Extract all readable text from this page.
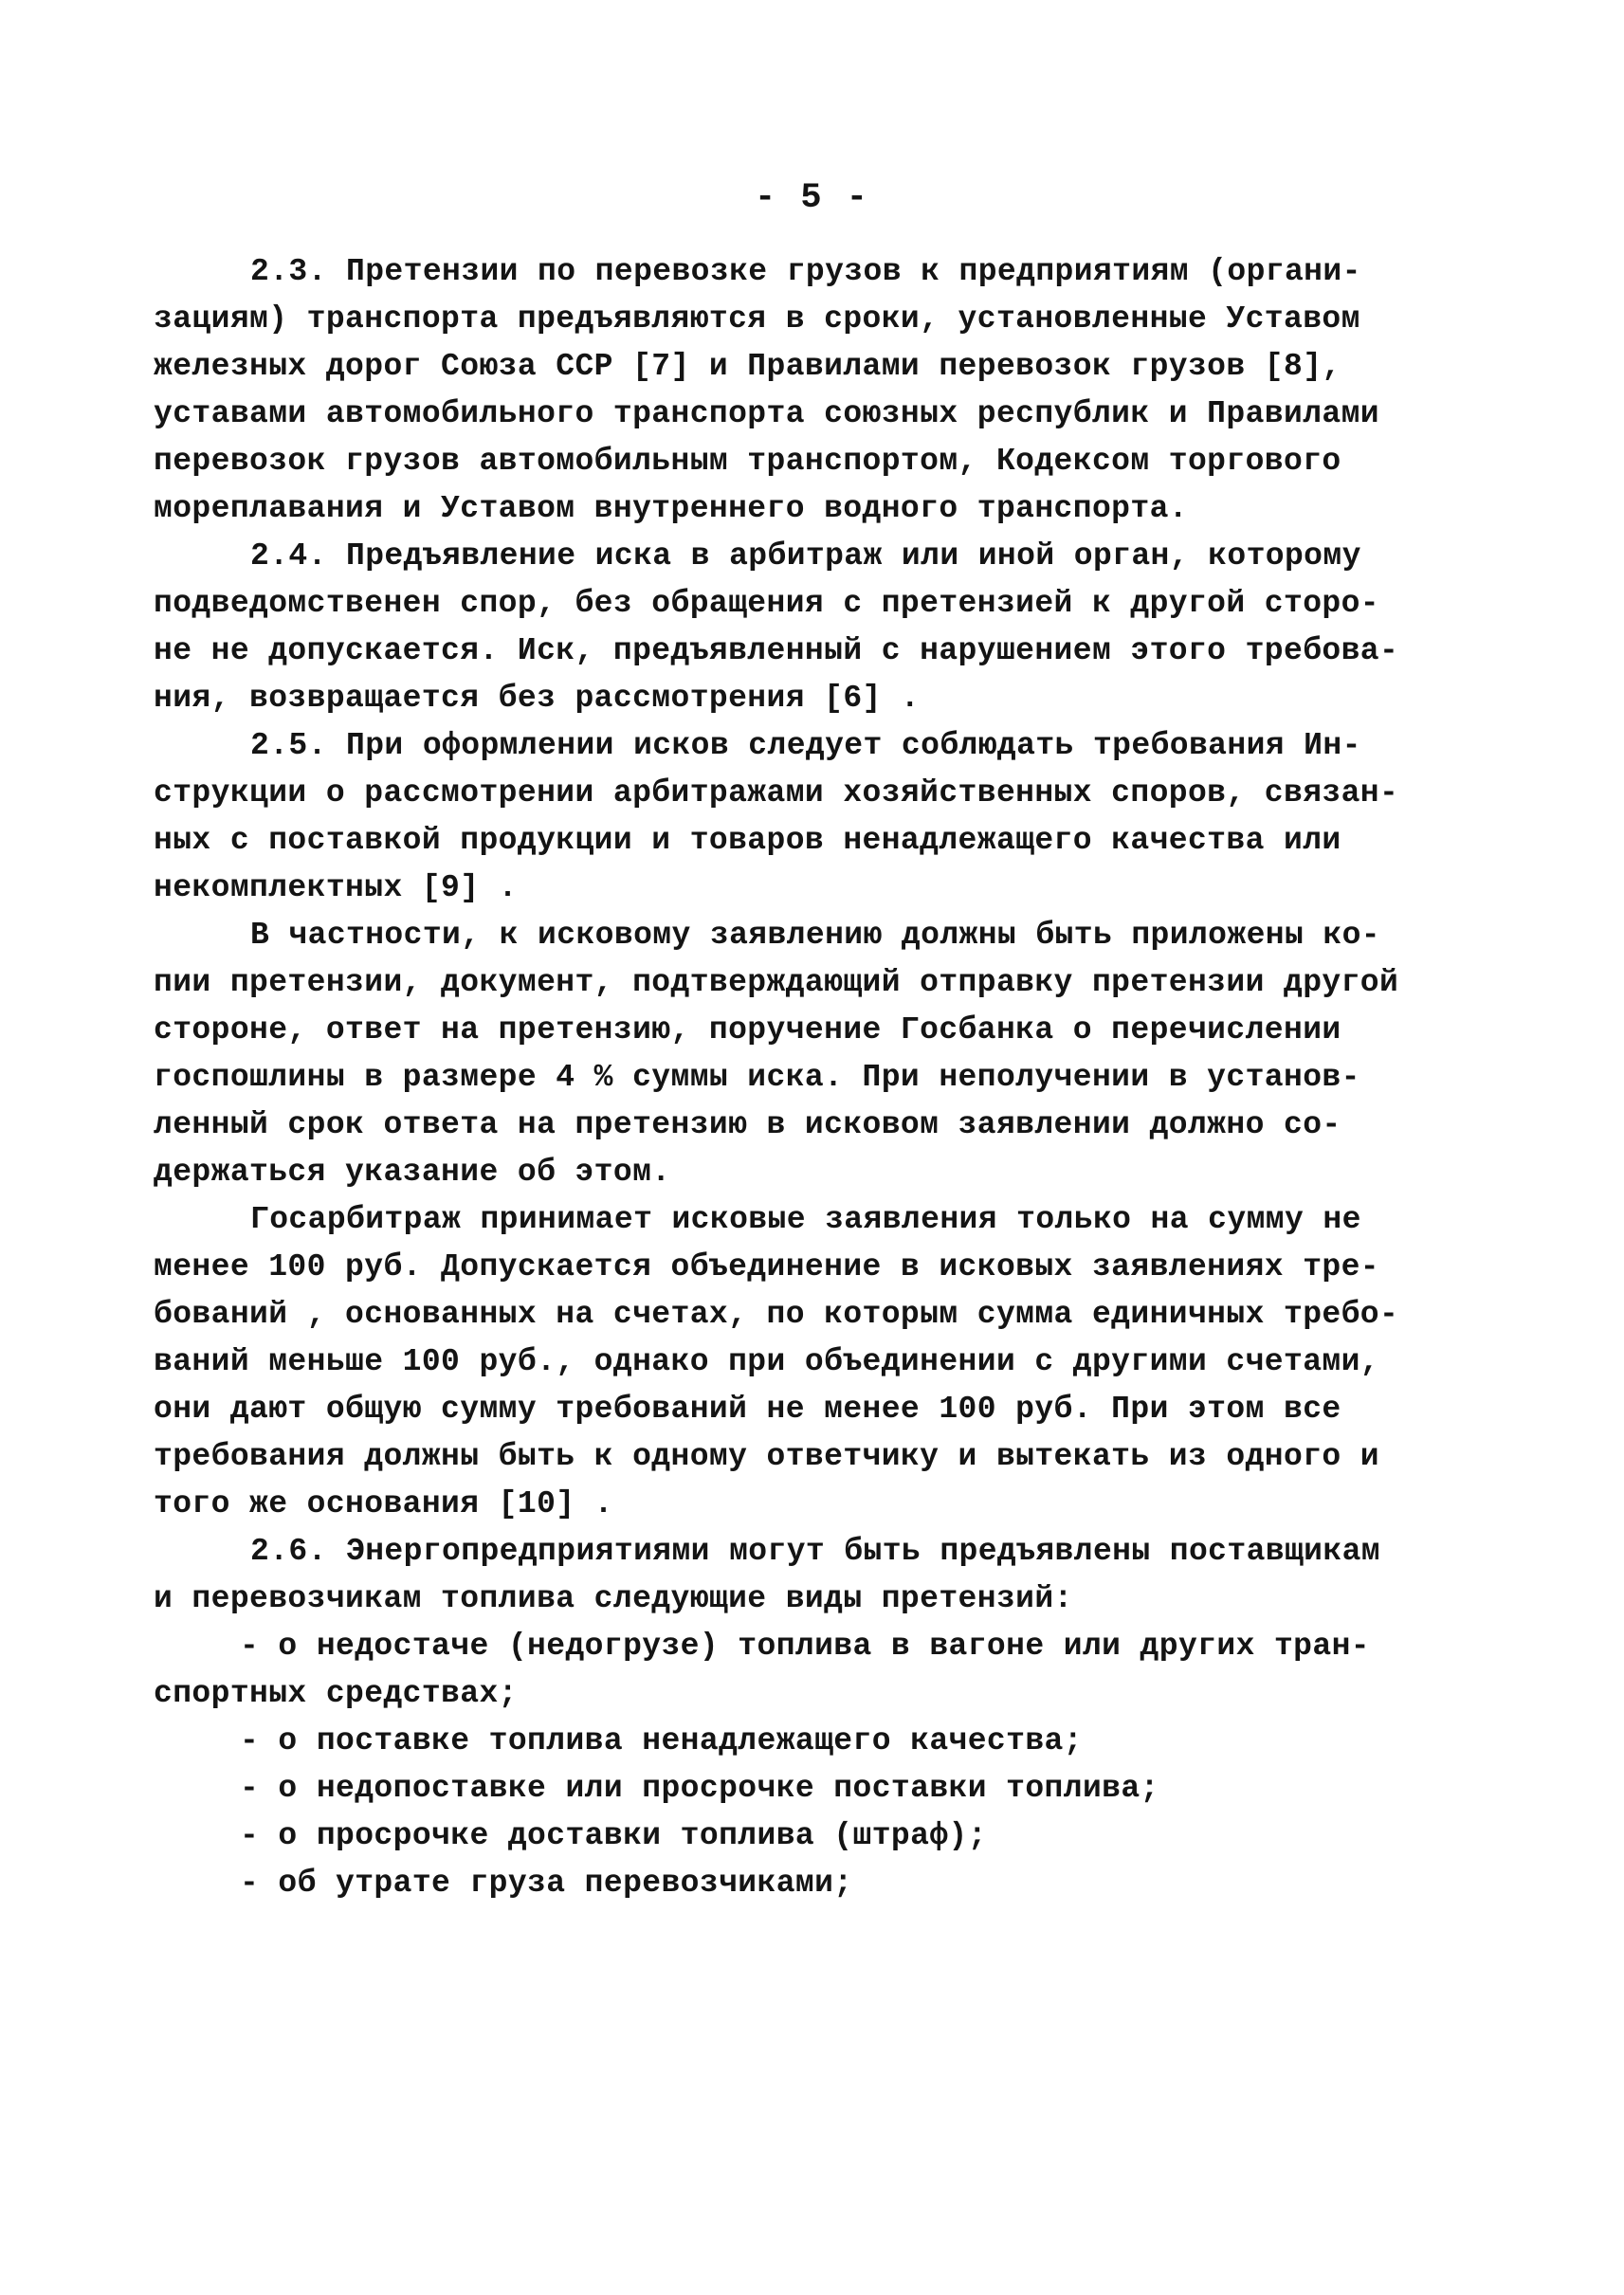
- 5 -
2.3. Претензии по перевозке грузов к предприятиям (органи-
зациям) транспорта предъявляются в сроки, установленные Уставом
железных дорог Союза ССР [7] и Правилами перевозок грузов [8],
уставами автомобильного транспорта союзных республик и Правилами
перевозок грузов автомобильным транспортом, Кодексом торгового
мореплавания и Уставом внутреннего водного транспорта.
2.4. Предъявление иска в арбитраж или иной орган, которому
подведомственен спор, без обращения с претензией к другой сторо-
не не допускается. Иск, предъявленный с нарушением этого требова-
ния, возвращается без рассмотрения [6] .
2.5. При оформлении исков следует соблюдать требования Ин-
струкции о рассмотрении арбитражами хозяйственных споров, связан-
ных с поставкой продукции и товаров ненадлежащего качества или
некомплектных [9] .
В частности, к исковому заявлению должны быть приложены ко-
пии претензии, документ, подтверждающий отправку претензии другой
стороне, ответ на претензию, поручение Госбанка о перечислении
госпошлины в размере 4 % суммы иска. При неполучении в установ-
ленный срок ответа на претензию в исковом заявлении должно со-
держаться указание об этом.
Госарбитраж принимает исковые заявления только на сумму не
менее 100 руб. Допускается объединение в исковых заявлениях тре-
бований , основанных на счетах, по которым сумма единичных требо-
ваний меньше 100 руб., однако при объединении с другими счетами,
они дают общую сумму требований не менее 100 руб. При этом все
требования должны быть к одному ответчику и вытекать из одного и
того же основания [10] .
2.6. Энергопредприятиями могут быть предъявлены поставщикам
и перевозчикам топлива следующие виды претензий:
- о недостаче (недогрузе) топлива в вагоне или других тран-
спортных средствах;
- о поставке топлива ненадлежащего качества;
- о недопоставке или просрочке поставки топлива;
- о просрочке доставки топлива (штраф);
- об утрате груза перевозчиками;
